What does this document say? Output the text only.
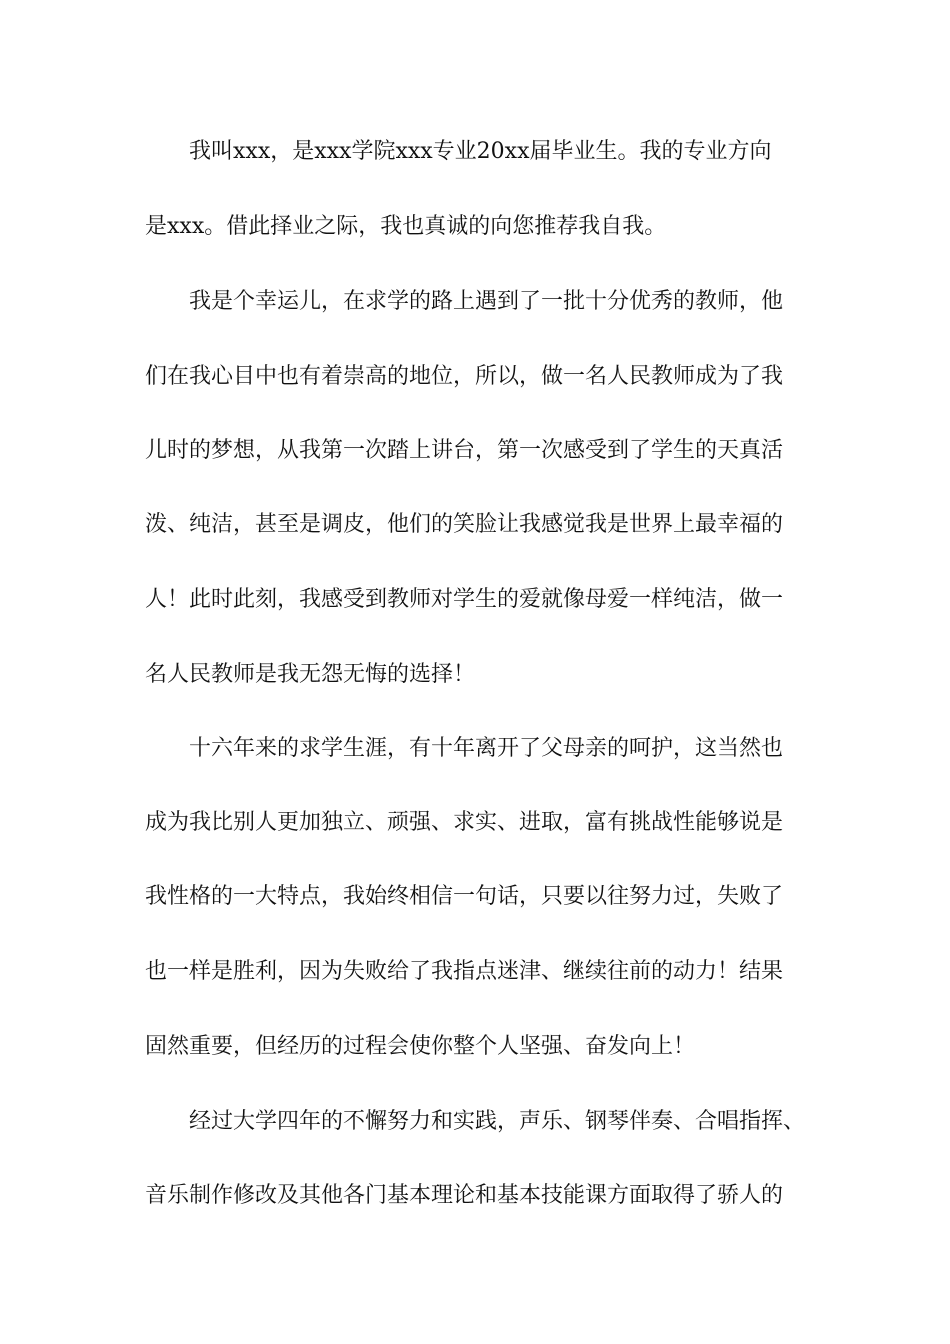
我叫xxx，是xxx学院xxx专业20xx届毕业生。我的专业方向
是xxx。借此择业之际，我也真诚的向您推荐我自我。
我是个幸运儿，在求学的路上遇到了一批十分优秀的教师，他
们在我心目中也有着崇高的地位，所以，做一名人民教师成为了我
儿时的梦想，从我第一次踏上讲台，第一次感受到了学生的天真活
泼、纯洁，甚至是调皮，他们的笑脸让我感觉我是世界上最幸福的
人！此时此刻，我感受到教师对学生的爱就像母爱一样纯洁，做一
名人民教师是我无怨无悔的选择！
十六年来的求学生涯，有十年离开了父母亲的呵护，这当然也
成为我比别人更加独立、顽强、求实、进取，富有挑战性能够说是
我性格的一大特点，我始终相信一句话，只要以往努力过，失败了
也一样是胜利，因为失败给了我指点迷津、继续往前的动力！结果
固然重要，但经历的过程会使你整个人坚强、奋发向上！
经过大学四年的不懈努力和实践，声乐、钢琴伴奏、合唱指挥、
音乐制作修改及其他各门基本理论和基本技能课方面取得了骄人的
